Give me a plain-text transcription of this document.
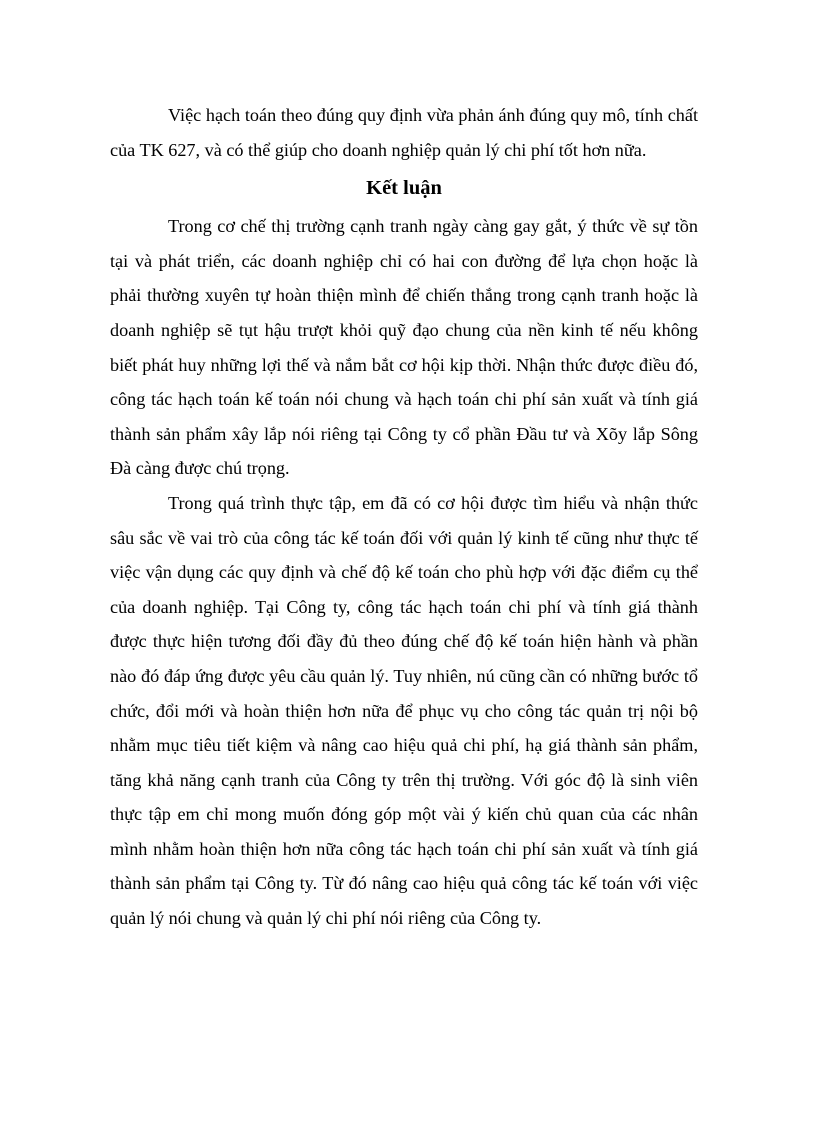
Việc hạch toán theo đúng quy định vừa phản ánh đúng quy mô, tính chất của TK 627, và có thể giúp cho doanh nghiệp quản lý chi phí tốt hơn nữa.

Kết luận

Trong cơ chế thị trường cạnh tranh ngày càng gay gắt, ý thức về sự tồn tại và phát triển, các doanh nghiệp chỉ có hai con đường để lựa chọn hoặc là phải thường xuyên tự hoàn thiện mình để chiến thắng trong cạnh tranh hoặc là doanh nghiệp sẽ tụt hậu trượt khỏi quỹ đạo chung của nền kinh tế nếu không biết phát huy những lợi thế và nắm bắt cơ hội kịp thời. Nhận thức được điều đó, công tác hạch toán kế toán nói chung và hạch toán chi phí sản xuất và tính giá thành sản phẩm xây lắp nói riêng tại Công ty cổ phần Đầu tư và Xõy lắp Sông Đà càng được chú trọng.

Trong quá trình thực tập, em đã có cơ hội được tìm hiểu và nhận thức sâu sắc về vai trò của công tác kế toán đối với quản lý kinh tế cũng như thực tế việc vận dụng các quy định và chế độ kế toán cho phù hợp với đặc điểm cụ thể của doanh nghiệp. Tại Công ty, công tác hạch toán chi phí và tính giá thành được thực hiện tương đối đầy đủ theo đúng chế độ kế toán hiện hành và phần nào đó đáp ứng được yêu cầu quản lý. Tuy nhiên, nú cũng cần có những bước tổ chức, đổi mới và hoàn thiện hơn nữa để phục vụ cho công tác quản trị nội bộ nhằm mục tiêu tiết kiệm và nâng cao hiệu quả chi phí, hạ giá thành sản phẩm, tăng khả năng cạnh tranh của Công ty trên thị trường. Với góc độ là sinh viên thực tập em chỉ mong muốn đóng góp một vài ý kiến chủ quan của các nhân mình nhằm hoàn thiện hơn nữa công tác hạch toán chi phí sản xuất và tính giá thành sản phẩm tại Công ty. Từ đó nâng cao hiệu quả công tác kế toán với việc quản lý nói chung và quản lý chi phí nói riêng của Công ty.
